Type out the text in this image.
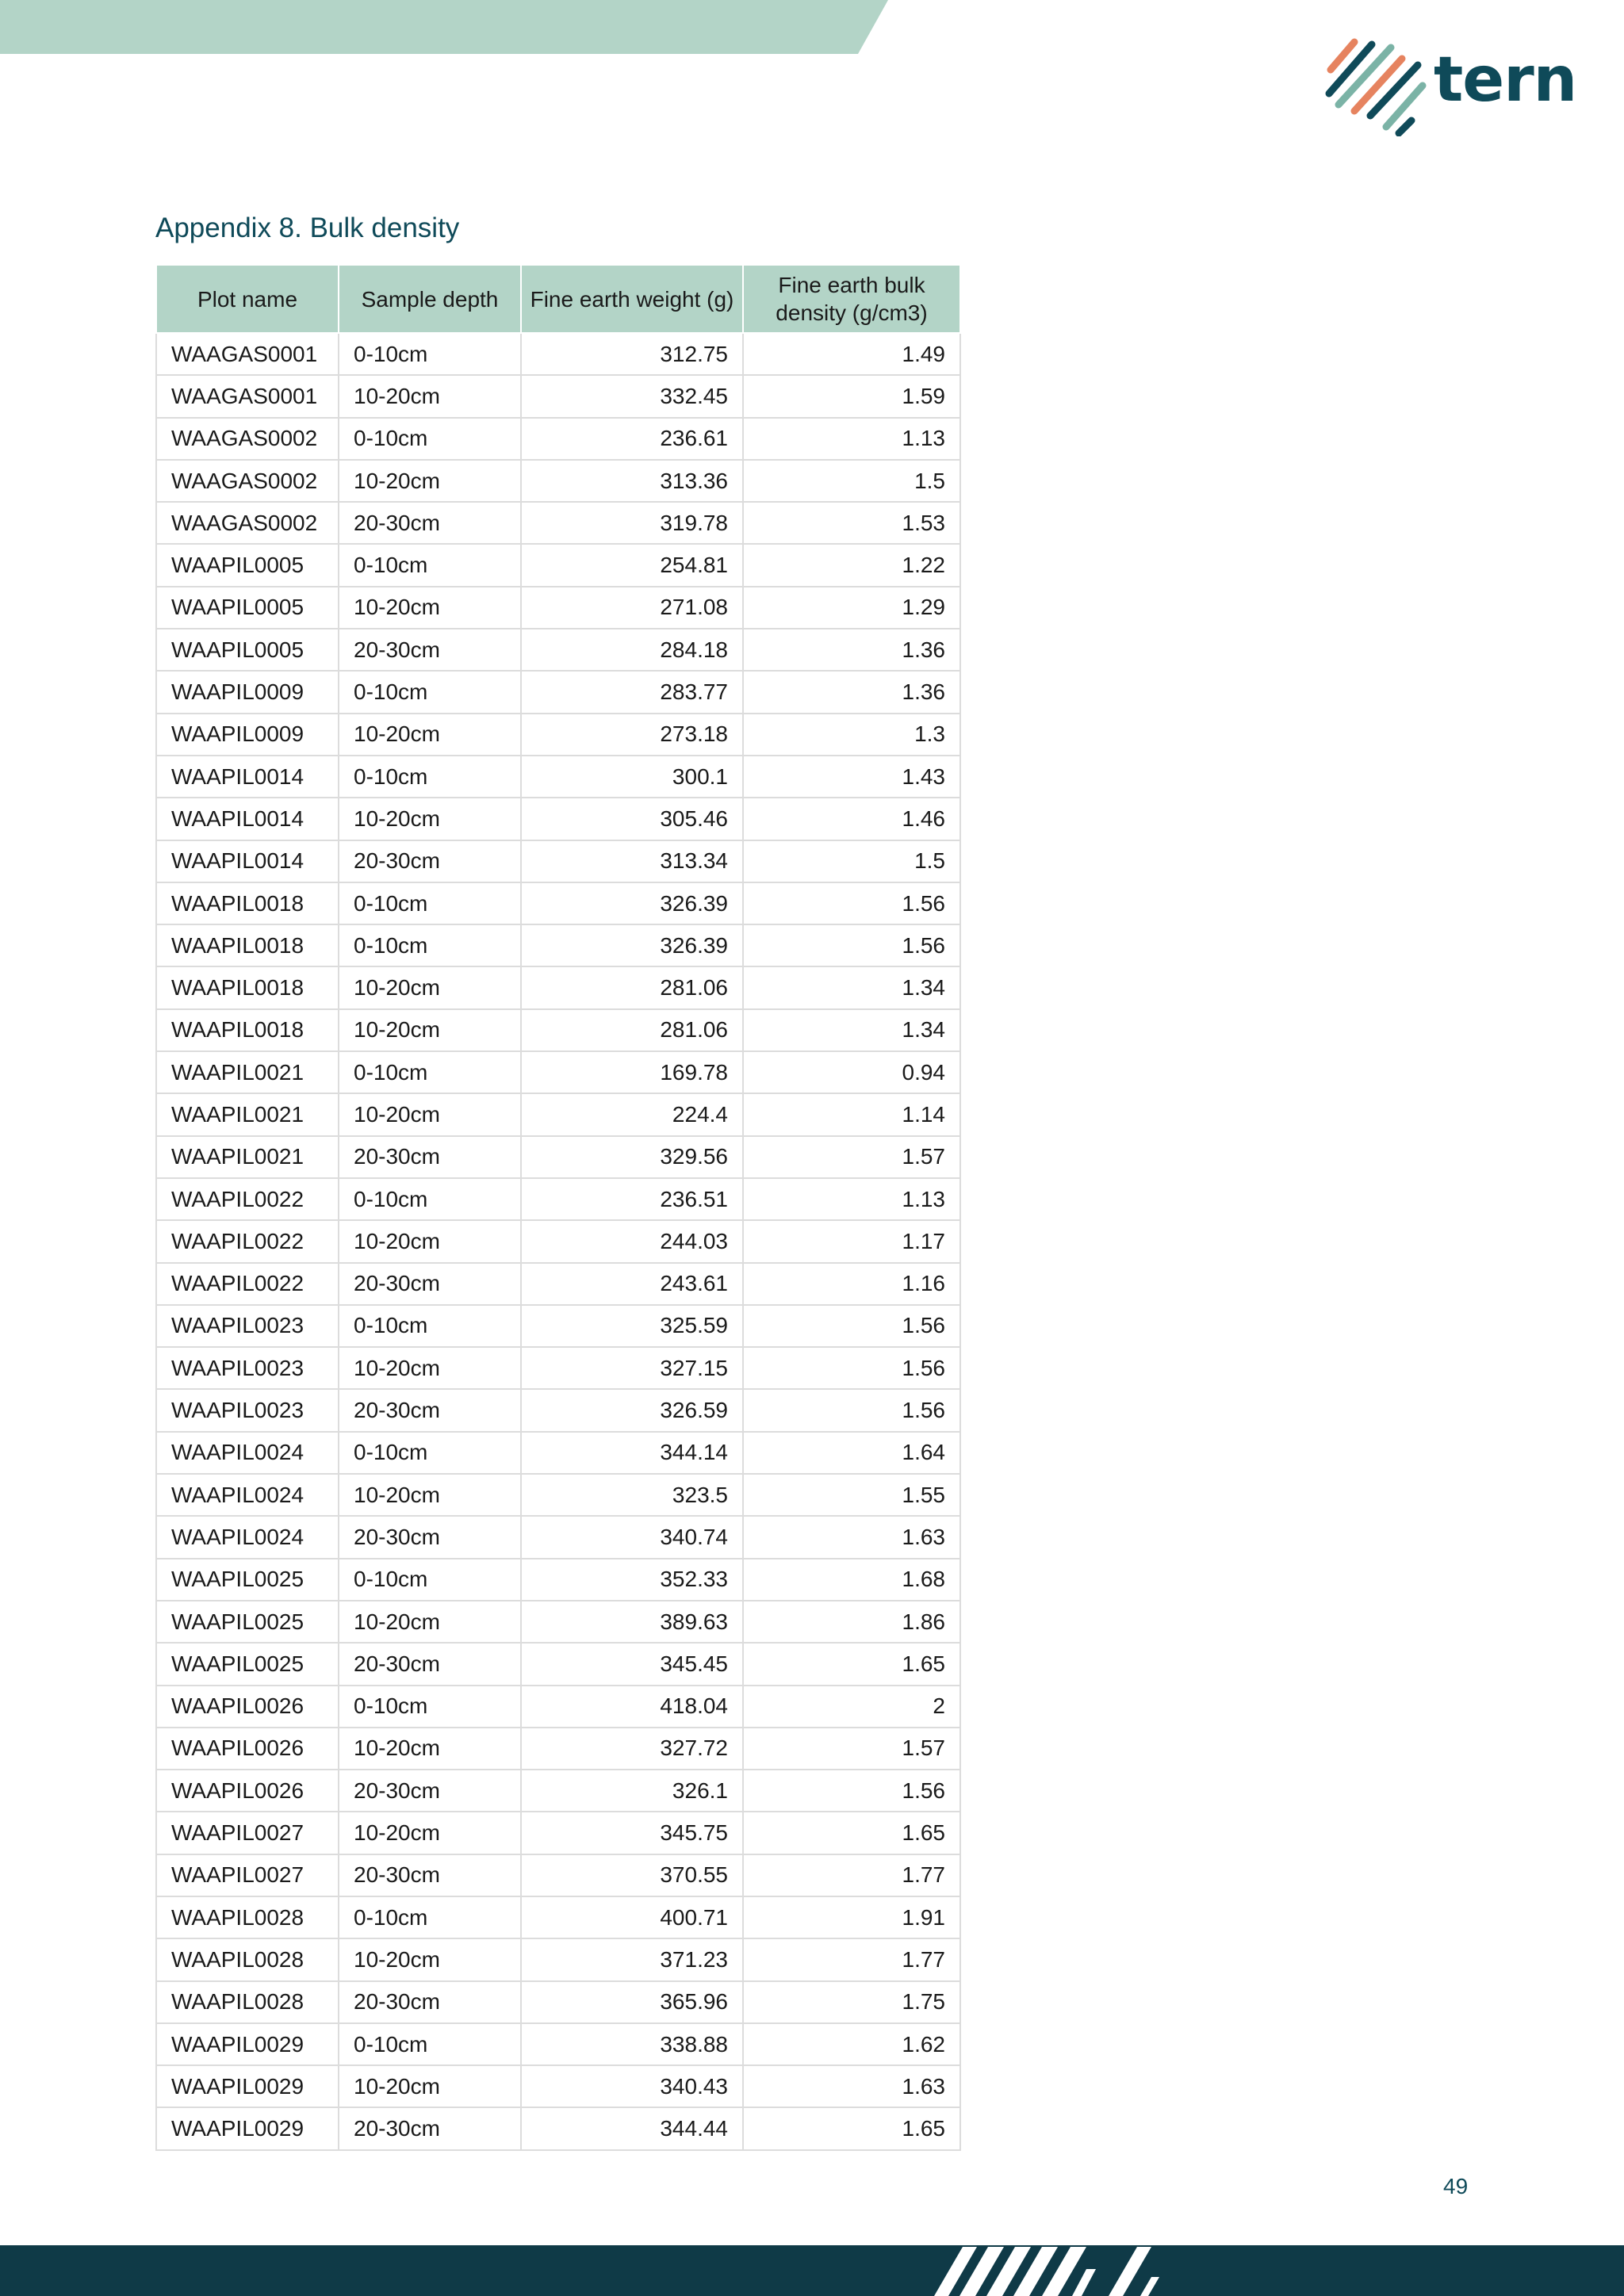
tern
Appendix 8. Bulk density
Plot name	Sample depth	Fine earth weight (g)	Fine earth bulk density (g/cm3)
WAAGAS0001	0-10cm	312.75	1.49
WAAGAS0001	10-20cm	332.45	1.59
WAAGAS0002	0-10cm	236.61	1.13
WAAGAS0002	10-20cm	313.36	1.5
WAAGAS0002	20-30cm	319.78	1.53
WAAPIL0005	0-10cm	254.81	1.22
WAAPIL0005	10-20cm	271.08	1.29
WAAPIL0005	20-30cm	284.18	1.36
WAAPIL0009	0-10cm	283.77	1.36
WAAPIL0009	10-20cm	273.18	1.3
WAAPIL0014	0-10cm	300.1	1.43
WAAPIL0014	10-20cm	305.46	1.46
WAAPIL0014	20-30cm	313.34	1.5
WAAPIL0018	0-10cm	326.39	1.56
WAAPIL0018	0-10cm	326.39	1.56
WAAPIL0018	10-20cm	281.06	1.34
WAAPIL0018	10-20cm	281.06	1.34
WAAPIL0021	0-10cm	169.78	0.94
WAAPIL0021	10-20cm	224.4	1.14
WAAPIL0021	20-30cm	329.56	1.57
WAAPIL0022	0-10cm	236.51	1.13
WAAPIL0022	10-20cm	244.03	1.17
WAAPIL0022	20-30cm	243.61	1.16
WAAPIL0023	0-10cm	325.59	1.56
WAAPIL0023	10-20cm	327.15	1.56
WAAPIL0023	20-30cm	326.59	1.56
WAAPIL0024	0-10cm	344.14	1.64
WAAPIL0024	10-20cm	323.5	1.55
WAAPIL0024	20-30cm	340.74	1.63
WAAPIL0025	0-10cm	352.33	1.68
WAAPIL0025	10-20cm	389.63	1.86
WAAPIL0025	20-30cm	345.45	1.65
WAAPIL0026	0-10cm	418.04	2
WAAPIL0026	10-20cm	327.72	1.57
WAAPIL0026	20-30cm	326.1	1.56
WAAPIL0027	10-20cm	345.75	1.65
WAAPIL0027	20-30cm	370.55	1.77
WAAPIL0028	0-10cm	400.71	1.91
WAAPIL0028	10-20cm	371.23	1.77
WAAPIL0028	20-30cm	365.96	1.75
WAAPIL0029	0-10cm	338.88	1.62
WAAPIL0029	10-20cm	340.43	1.63
WAAPIL0029	20-30cm	344.44	1.65
49
